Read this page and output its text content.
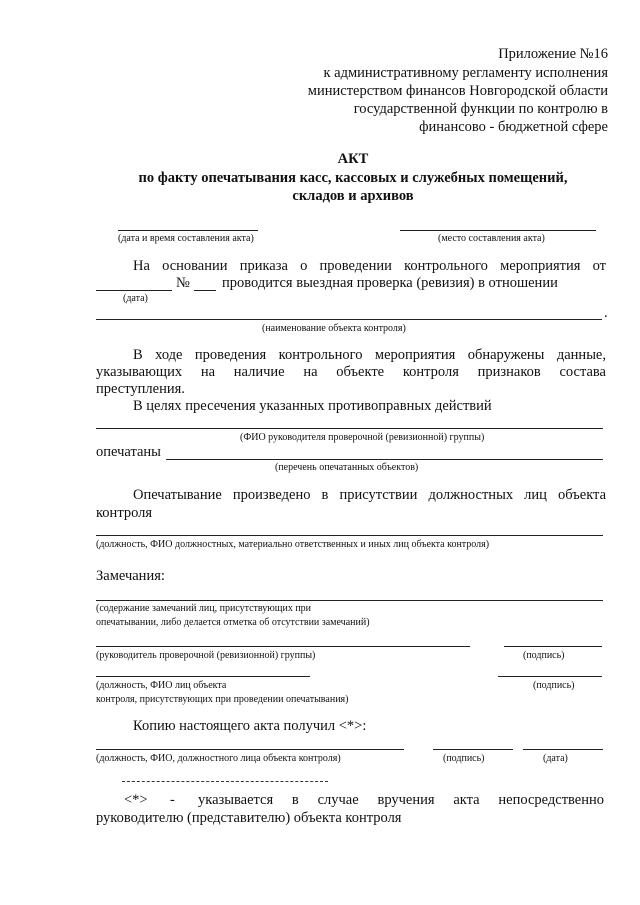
Приложение №16
к административному регламенту исполнения
министерством финансов Новгородской области
государственной функции по контролю в
финансово - бюджетной сфере
АКТ
по факту опечатывания касс, кассовых и служебных помещений,
складов и архивов
(дата и время составления акта)	(место составления акта)
На основании приказа о проведении контрольного мероприятия от
№ проводится выездная проверка (ревизия) в отношении
(дата)
.
(наименование объекта контроля)
В ходе проведения контрольного мероприятия обнаружены данные,
указывающих на наличие на объекте контроля признаков состава
преступления.
В целях пресечения указанных противоправных действий
(ФИО руководителя проверочной (ревизионной) группы)
опечатаны
(перечень опечатанных объектов)
Опечатывание произведено в присутствии должностных лиц объекта
контроля
(должность, ФИО должностных, материально ответственных и иных лиц объекта контроля)
Замечания:
(содержание замечаний лиц, присутствующих при
опечатывании, либо делается отметка об отсутствии замечаний)
(руководитель проверочной (ревизионной) группы)	(подпись)
(должность, ФИО лиц объекта
контроля, присутствующих при проведении опечатывания)
(подпись)
Копию настоящего акта получил <*>:
(должность, ФИО, должностного лица объекта контроля)	(подпись)	(дата)
<*> - указывается в случае вручения акта непосредственно
руководителю (представителю) объекта контроля
